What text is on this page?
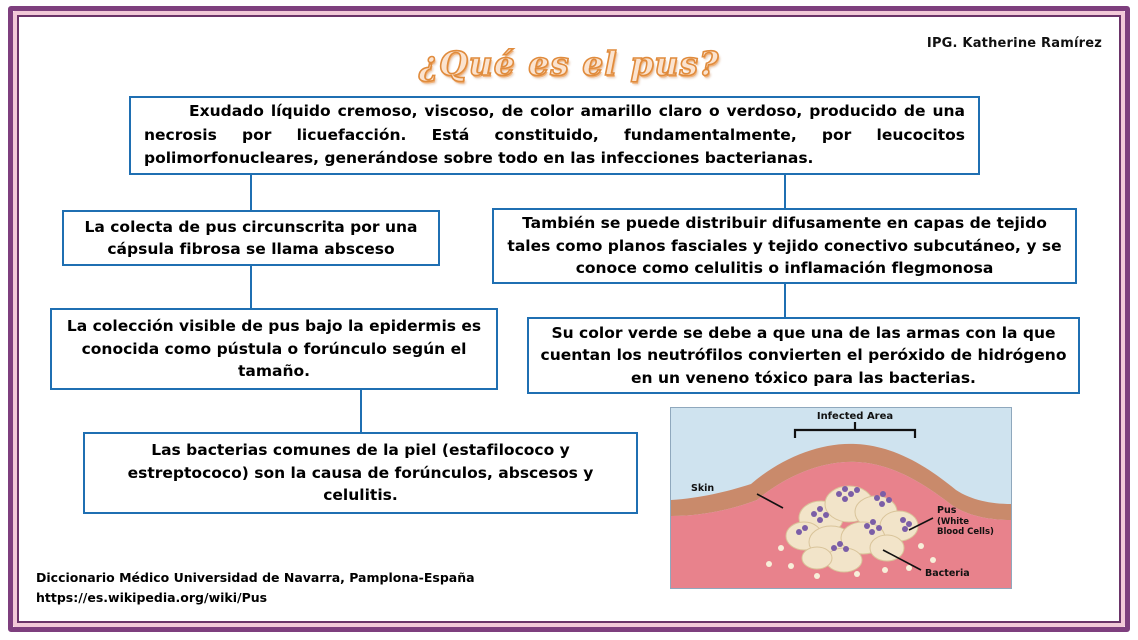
IPG. Katherine Ramírez
¿Qué es el pus?

Exudado líquido cremoso, viscoso, de color amarillo claro o verdoso, producido de una necrosis por licuefacción. Está constituido, fundamentalmente, por leucocitos polimorfonucleares, generándose sobre todo en las infecciones bacterianas.

La colecta de pus circunscrita por una cápsula fibrosa se llama absceso

También se puede distribuir difusamente en capas de tejido tales como planos fasciales y tejido conectivo subcutáneo, y se conoce como celulitis o inflamación flegmonosa

La colección visible de pus bajo la epidermis es conocida como pústula o forúnculo según el tamaño.

Su color verde se debe a que una de las armas con la que cuentan los neutrófilos convierten el peróxido de hidrógeno en un veneno tóxico para las bacterias.

Las bacterias comunes de la piel (estafilococo y estreptococo) son la causa de forúnculos, abscesos y celulitis.

Infected Area
Skin
Pus
(White
Blood Cells)
Bacteria
Diccionario Médico Universidad de Navarra, Pamplona-España
https://es.wikipedia.org/wiki/Pus
